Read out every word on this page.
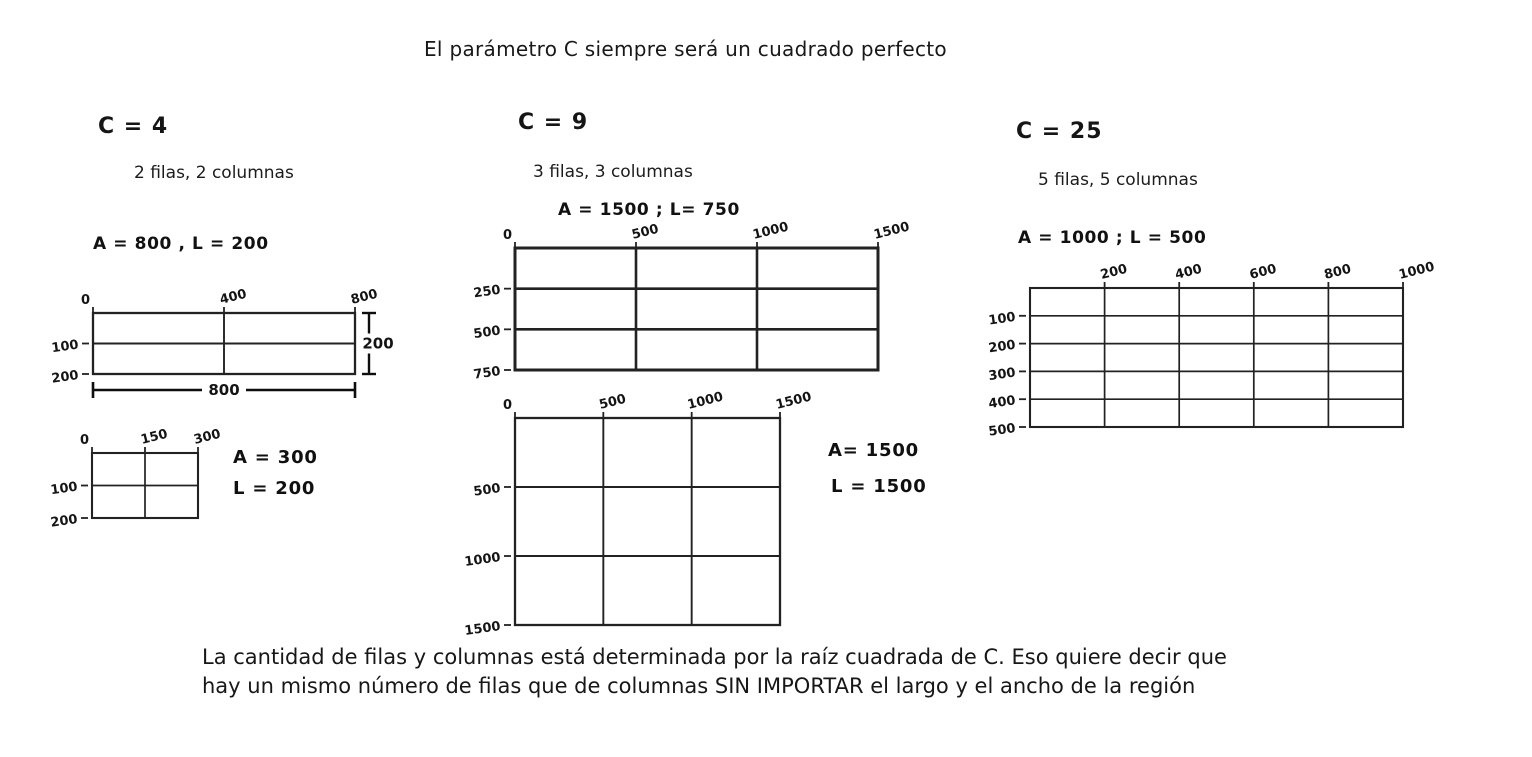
El parámetro C siempre será un cuadrado perfecto
C = 4
2 filas, 2 columnas
A = 800 , L = 200
C = 9
3 filas, 3 columnas
A = 1500 ; L= 750
C = 25
5 filas, 5 columnas
A = 1000 ; L = 500
A = 300
L = 200
A= 1500
L = 1500
La cantidad de filas y columnas está determinada por la raíz cuadrada de C. Eso quiere decir que
hay un mismo número de filas que de columnas SIN IMPORTAR el largo y el ancho de la región
0	400	800
100
200
800
200
0	150 300
100
200
0	500	1000	1500
250
500
750
0	500	1000	1500
500
1000
1500
200	400	600	800	1000
100
200
300
400
500
